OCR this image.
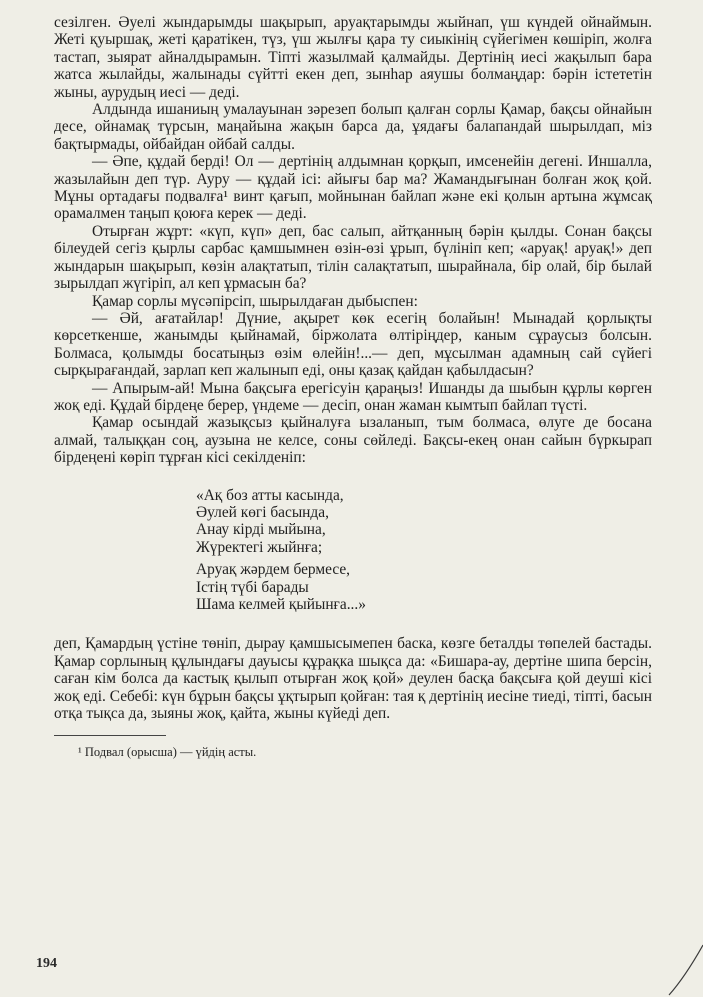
сезілген. Әуелі жындарымды шақырып, аруақтарымды жыйнап, үш күндей ойнаймын. Жеті қуыршақ, жеті қаратікен, түз, үш жылғы қара ту сиыкінің сүйегімен көшіріп, жолға тастап, зыярат айналдырамын. Тіпті жазылмай қалмайды. Дертінің иесі жақылып бара жатса жылайды, жалынады сүйтті екен деп, зынһар аяушы болмаңдар: бәрін істететін жыны, аурудың иесі — деді.

Алдында ишаниың умалауынан зәрезеп болып қалған сорлы Қамар, бақсы ойнайын десе, ойнамақ түрсын, маңайына жақын барса да, ұядағы балапандай шырылдап, міз бақтырмады, ойбайдан ойбай салды.

— Әпе, құдай берді! Ол — дертінің алдымнан қорқып, имсенейін дегені. Иншалла, жазылайын деп түр. Ауру — құдай ісі: айығы бар ма? Жамандығынан болған жоқ қой. Мұны ортадағы подвалға¹ винт қағып, мойнынан байлап және екі қолын артына жұмсақ орамалмен таңып қоюға керек — деді.

Отырған жұрт: «күп, күп» деп, бас салып, айтқанның бәрін қылды. Сонан бақсы білеудей сегіз қырлы сарбас қамшымнен өзін-өзі ұрып, бүлініп кеп; «аруақ! аруақ!» деп жындарын шақырып, көзін алақтатып, тілін салақтатып, шырайнала, бір олай, бір былай зырылдап жүгіріп, ал кеп ұрмасын ба?

Қамар сорлы мүсәпірсіп, шырылдаған дыбыспен:

— Әй, ағатайлар! Дүние, ақырет көк есегің болайын! Мынадай қорлықты көрсеткенше, жанымды қыйнамай, біржолата өлтіріңдер, каным сұраусыз болсын. Болмаса, қолымды босатыңыз өзім өлейін!...— деп, мұсылман адамның сай сүйегі сырқырағандай, зарлап кеп жалынып еді, оны қазақ қайдан қабылдасын?

— Апырым-ай! Мына бақсыға ерегісуін қараңыз! Ишанды да шыбын құрлы көрген жоқ еді. Құдай бірдеңе берер, үндеме — десіп, онан жаман кымтып байлап түсті.

Қамар осындай жазықсыз қыйналуға ызаланып, тым болмаса, өлуге де босана алмай, талыққан соң, аузына не келсе, соны сөйледі. Бақсы-екең онан сайын бүркырап бірдеңені көріп тұрған кісі секілденіп:

«Ақ боз атты касында,
Әулей көгі басында,
Анау кірді мыйына,
Жүректегі жыйнға;
Аруақ жәрдем бермесе,
Істің түбі барады
Шама келмей қыйынға...»

деп, Қамардың үстіне төніп, дырау қамшысымепен баска, көзге беталды төпелей бастады. Қамар сорлының құлындағы дауысы құрақка шықса да: «Бишара-ау, дертіне шипа берсін, саған кім болса да кастық қылып отырған жоқ қой» деулен басқа бақсыға қой деуші кісі жоқ еді. Себебі: күн бұрын бақсы ұқтырып қойған: тая қ дертінің иесіне тиеді, тіпті, басын отқа тықса да, зыяны жоқ, қайта, жыны күйеді деп.

¹ Подвал (орысша) — үйдің асты.
194
